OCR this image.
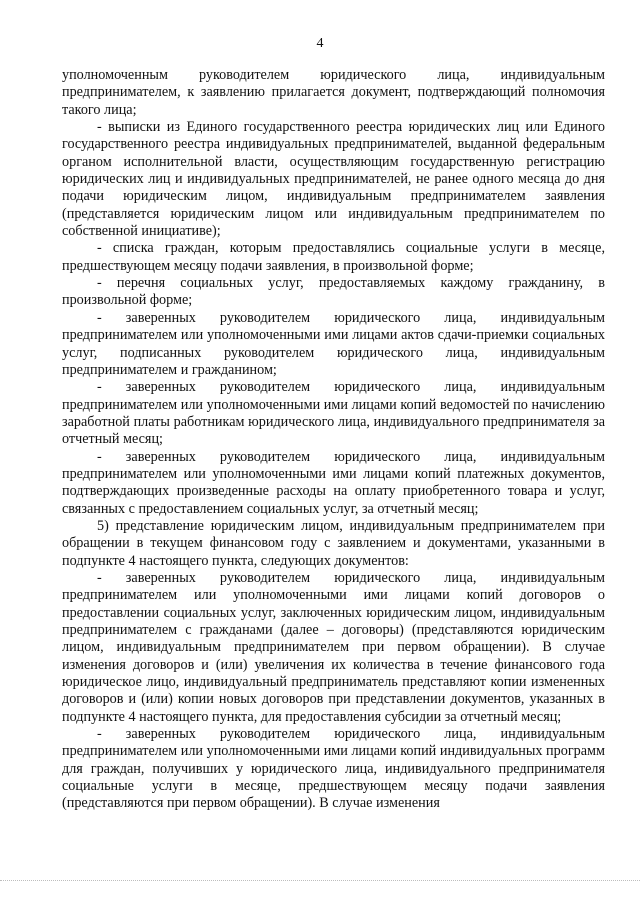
4

уполномоченным руководителем юридического лица, индивидуальным предпринимателем, к заявлению прилагается документ, подтверждающий полномочия такого лица;

- выписки из Единого государственного реестра юридических лиц или Единого государственного реестра индивидуальных предпринимателей, выданной федеральным органом исполнительной власти, осуществляющим государственную регистрацию юридических лиц и индивидуальных предпринимателей, не ранее одного месяца до дня подачи юридическим лицом, индивидуальным предпринимателем заявления (представляется юридическим лицом или индивидуальным предпринимателем по собственной инициативе);

- списка граждан, которым предоставлялись социальные услуги в месяце, предшествующем месяцу подачи заявления, в произвольной форме;

- перечня социальных услуг, предоставляемых каждому гражданину, в произвольной форме;

- заверенных руководителем юридического лица, индивидуальным предпринимателем или уполномоченными ими лицами актов сдачи-приемки социальных услуг, подписанных руководителем юридического лица, индивидуальным предпринимателем и гражданином;

- заверенных руководителем юридического лица, индивидуальным предпринимателем или уполномоченными ими лицами копий ведомостей по начислению заработной платы работникам юридического лица, индивидуального предпринимателя за отчетный месяц;

- заверенных руководителем юридического лица, индивидуальным предпринимателем или уполномоченными ими лицами копий платежных документов, подтверждающих произведенные расходы на оплату приобретенного товара и услуг, связанных с предоставлением социальных услуг, за отчетный месяц;

5) представление юридическим лицом, индивидуальным предпринимателем при обращении в текущем финансовом году с заявлением и документами, указанными в подпункте 4 настоящего пункта, следующих документов:

- заверенных руководителем юридического лица, индивидуальным предпринимателем или уполномоченными ими лицами копий договоров о предоставлении социальных услуг, заключенных юридическим лицом, индивидуальным предпринимателем с гражданами (далее – договоры) (представляются юридическим лицом, индивидуальным предпринимателем при первом обращении). В случае изменения договоров и (или) увеличения их количества в течение финансового года юридическое лицо, индивидуальный предприниматель представляют копии измененных договоров и (или) копии новых договоров при представлении документов, указанных в подпункте 4 настоящего пункта, для предоставления субсидии за отчетный месяц;

- заверенных руководителем юридического лица, индивидуальным предпринимателем или уполномоченными ими лицами копий индивидуальных программ для граждан, получивших у юридического лица, индивидуального предпринимателя социальные услуги в месяце, предшествующем месяцу подачи заявления (представляются при первом обращении). В случае изменения
